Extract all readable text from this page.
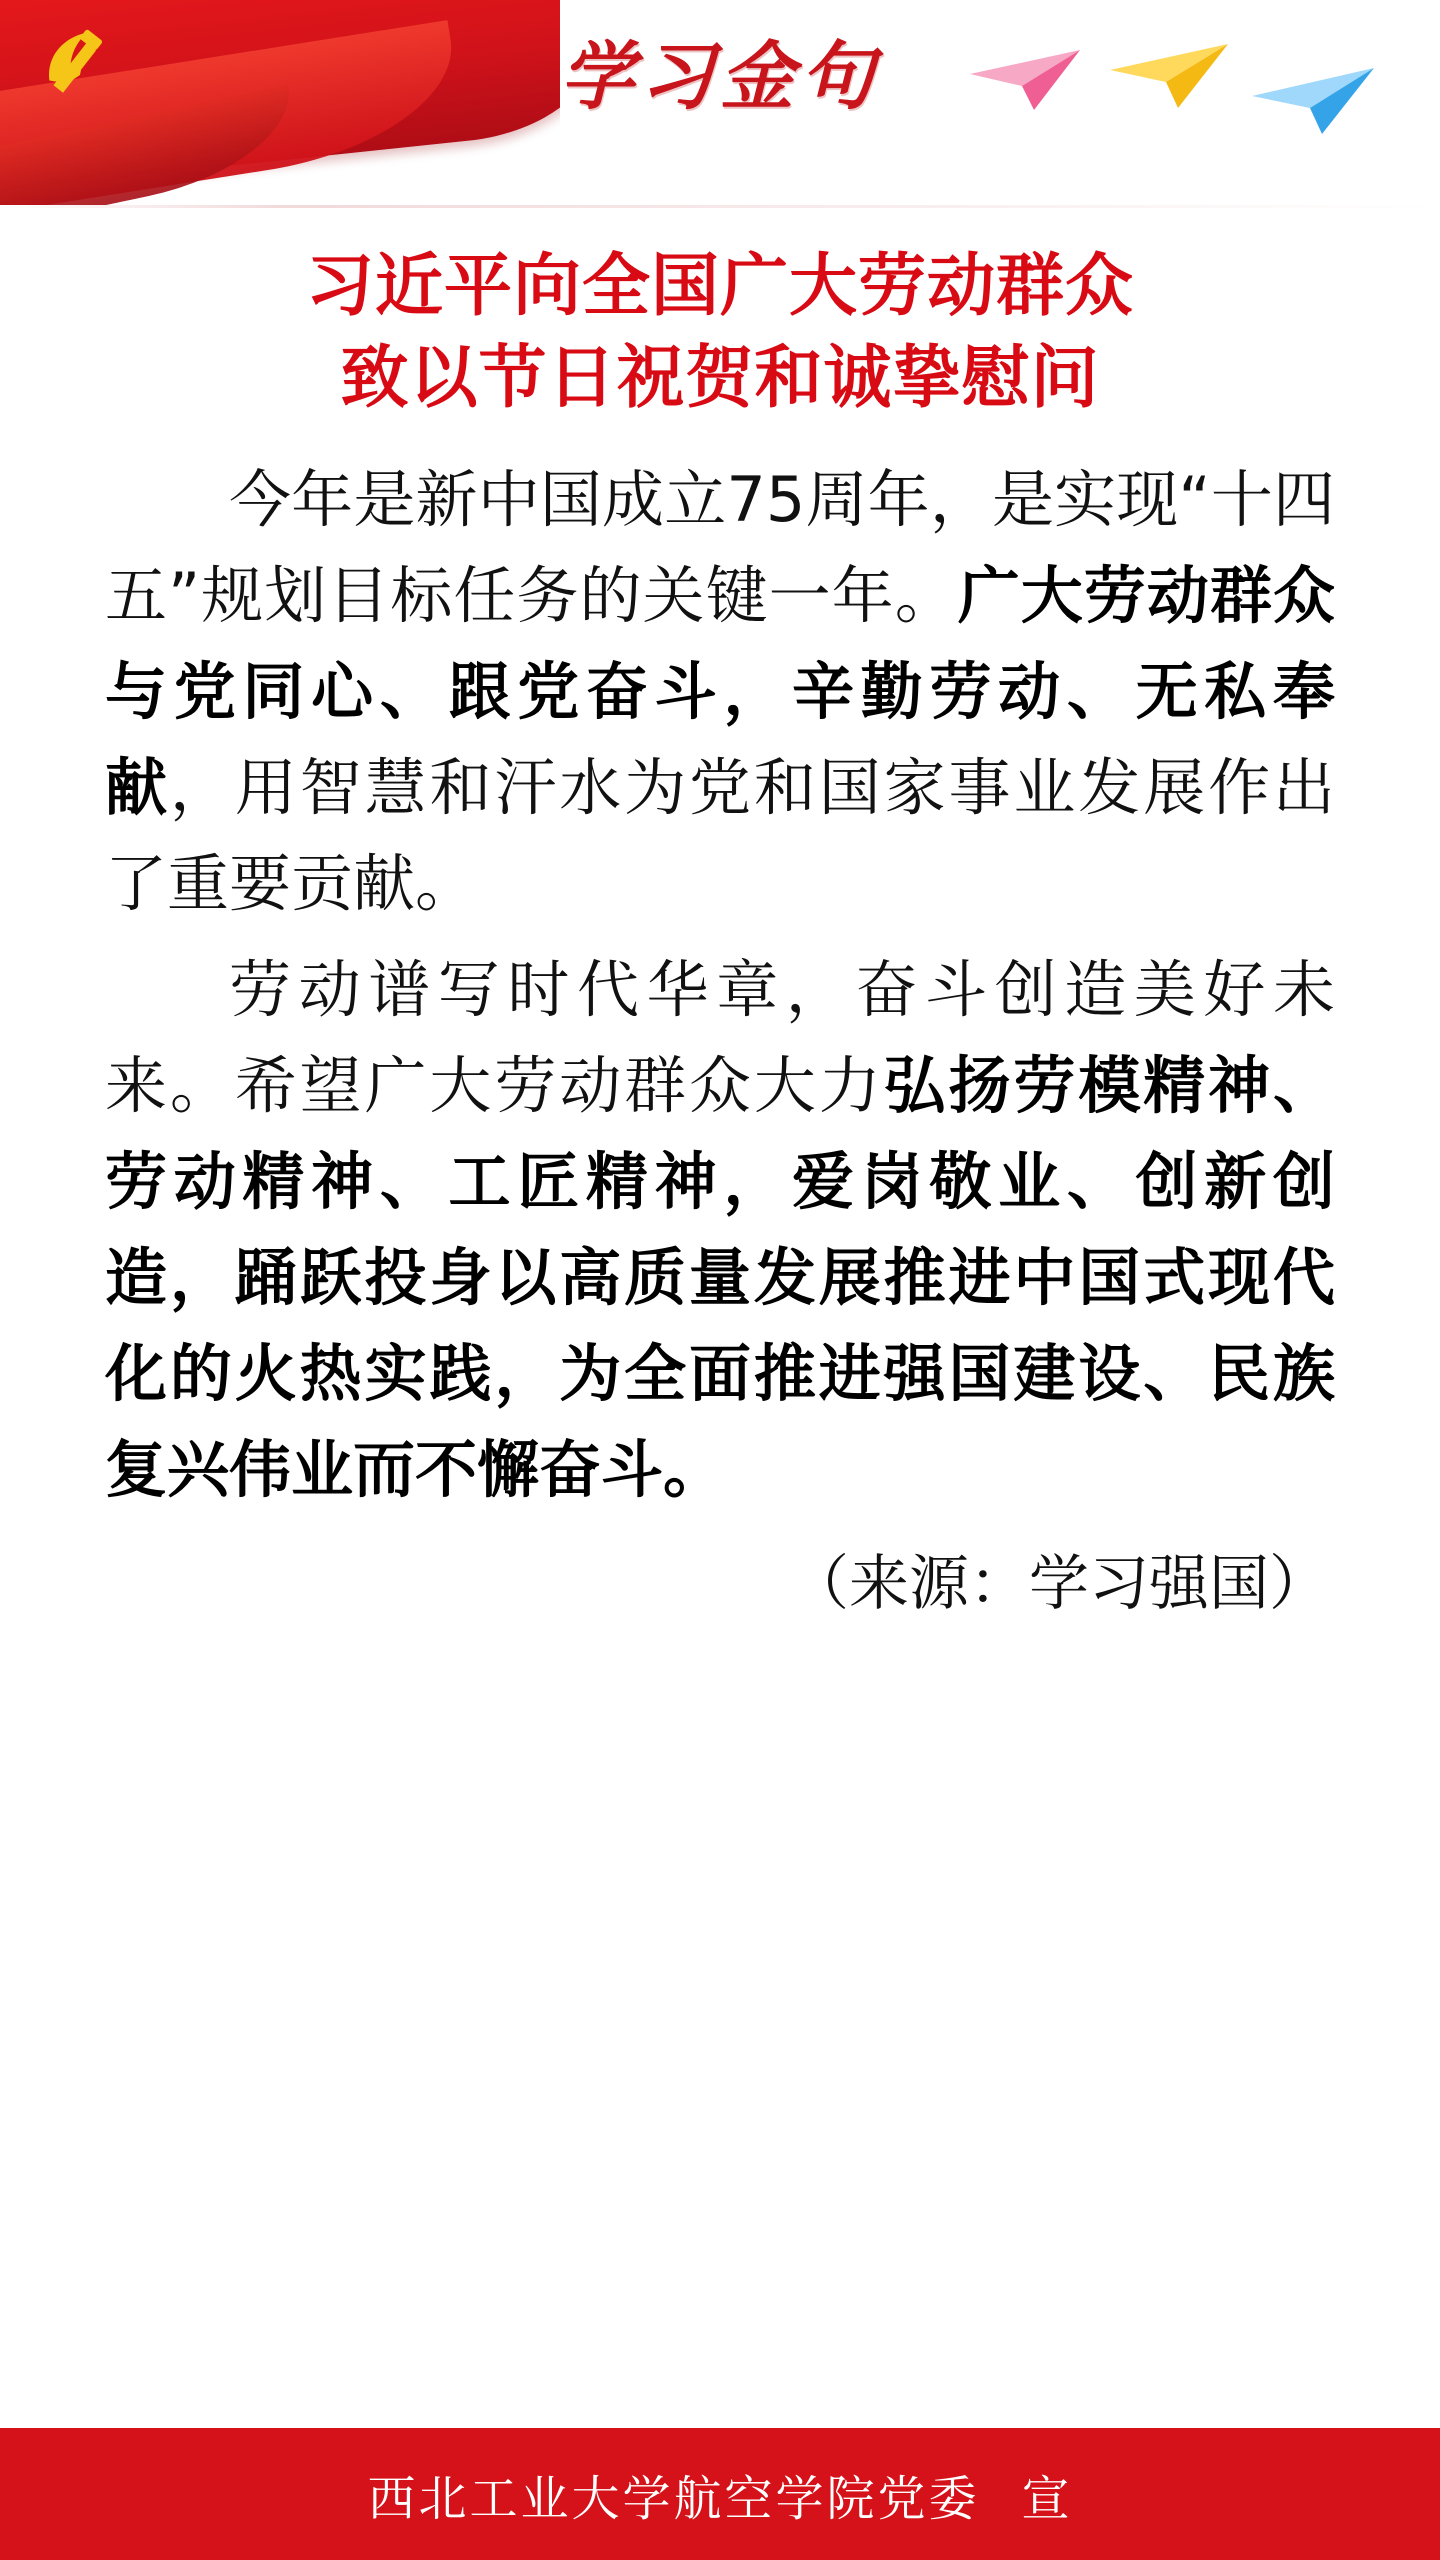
学习金句
习近平向全国广大劳动群众
致以节日祝贺和诚挚慰问

今年是新中国成立75周年，是实现“十四五”规划目标任务的关键一年。广大劳动群众与党同心、跟党奋斗，辛勤劳动、无私奉献，用智慧和汗水为党和国家事业发展作出了重要贡献。

劳动谱写时代华章，奋斗创造美好未来。希望广大劳动群众大力弘扬劳模精神、劳动精神、工匠精神，爱岗敬业、创新创造，踊跃投身以高质量发展推进中国式现代化的火热实践，为全面推进强国建设、民族复兴伟业而不懈奋斗。

（来源：学习强国）
西北工业大学航空学院党委 宣
